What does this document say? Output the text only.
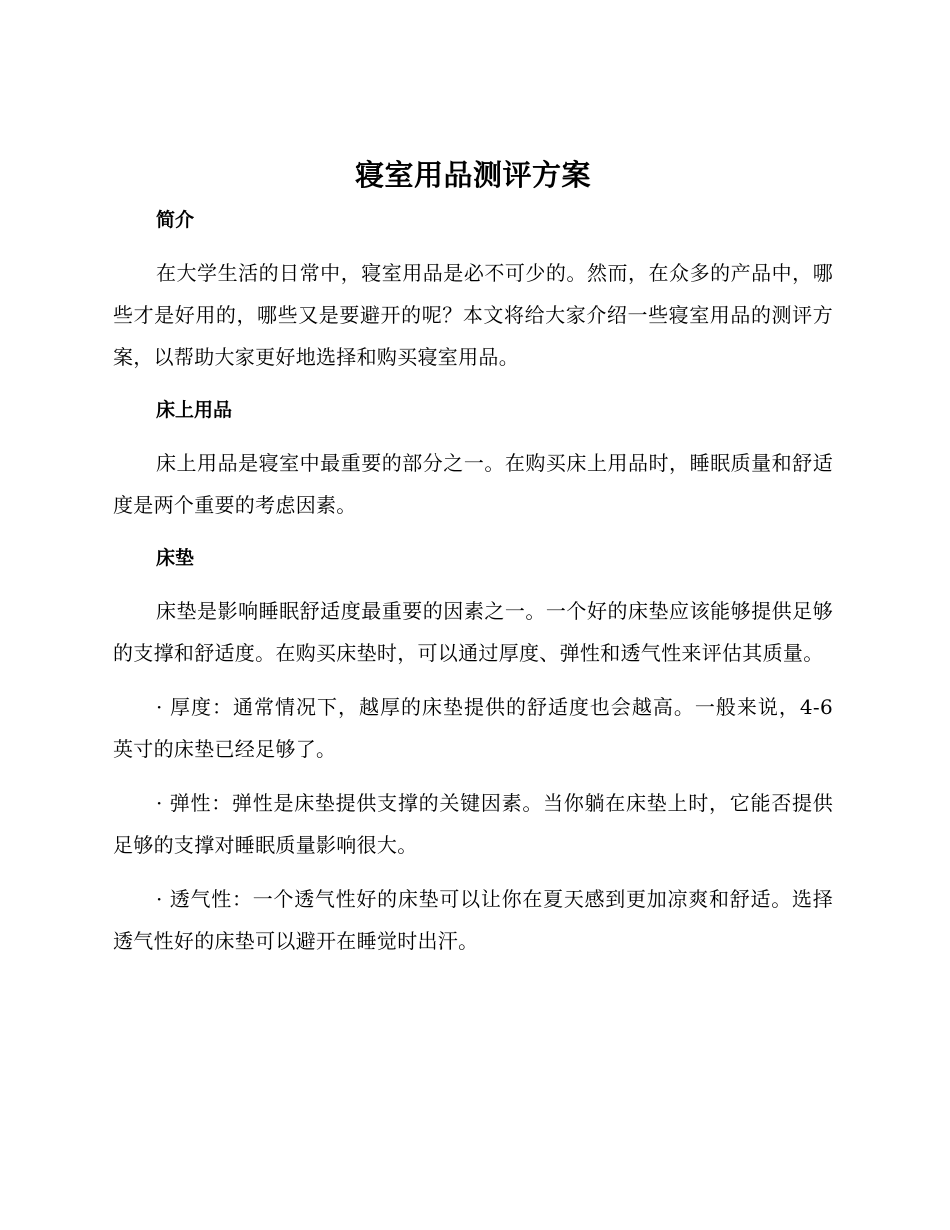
寝室用品测评方案
简介

在大学生活的日常中，寝室用品是必不可少的。然而，在众多的产品中，哪些才是好用的，哪些又是要避开的呢？本文将给大家介绍一些寝室用品的测评方案，以帮助大家更好地选择和购买寝室用品。

床上用品

床上用品是寝室中最重要的部分之一。在购买床上用品时，睡眠质量和舒适度是两个重要的考虑因素。

床垫

床垫是影响睡眠舒适度最重要的因素之一。一个好的床垫应该能够提供足够的支撑和舒适度。在购买床垫时，可以通过厚度、弹性和透气性来评估其质量。

· 厚度：通常情况下，越厚的床垫提供的舒适度也会越高。一般来说，4-6 英寸的床垫已经足够了。

· 弹性：弹性是床垫提供支撑的关键因素。当你躺在床垫上时，它能否提供足够的支撑对睡眠质量影响很大。

· 透气性：一个透气性好的床垫可以让你在夏天感到更加凉爽和舒适。选择透气性好的床垫可以避开在睡觉时出汗。
